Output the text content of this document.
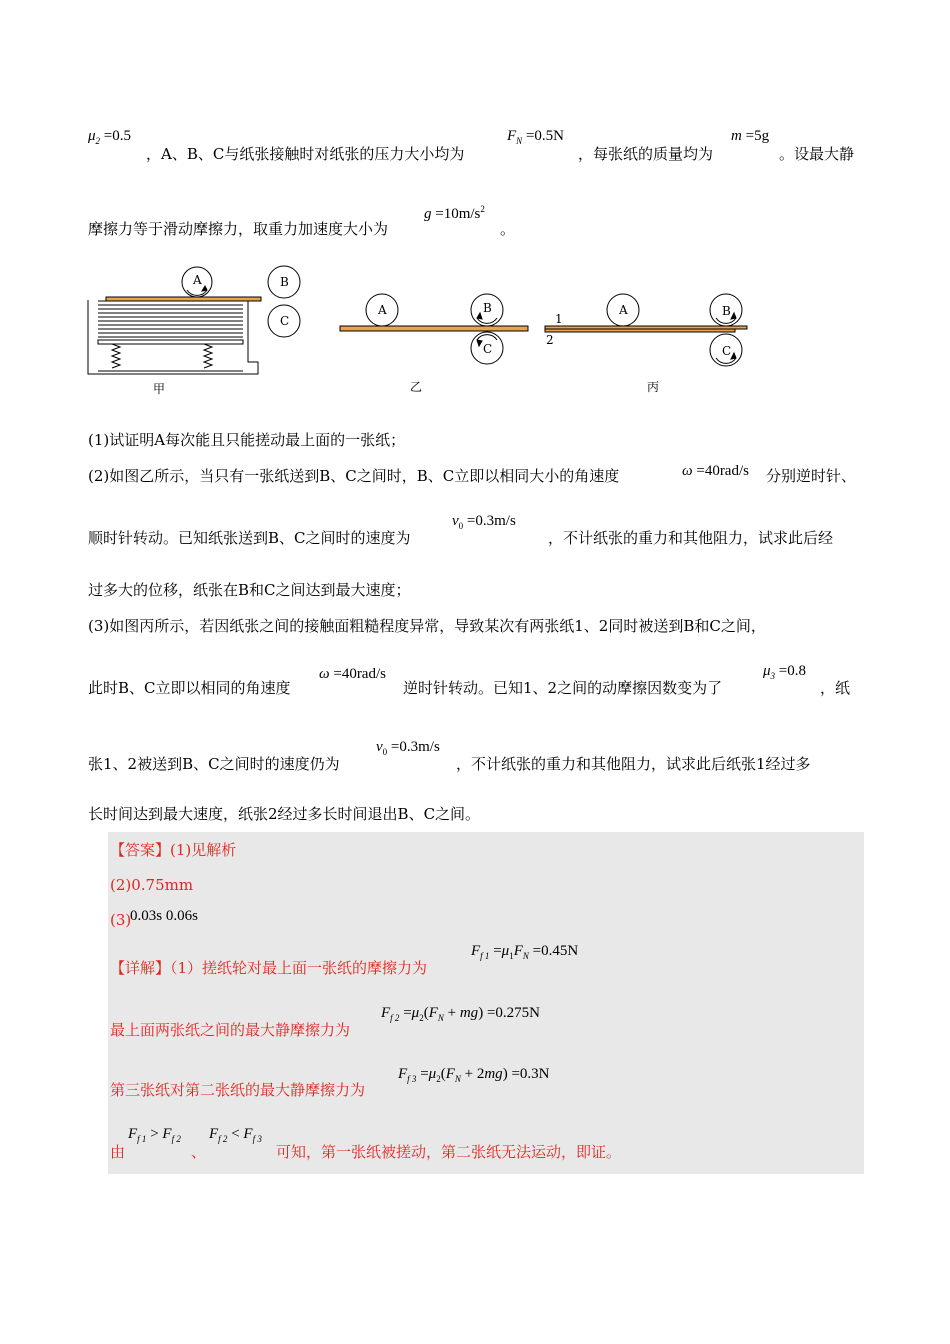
$\mu_2 =0.5$
，A、B、C与纸张接触时对纸张的压力大小均为
$F_N =0.5N$
，每张纸的质量均为
m =5g
。设最大静
摩擦力等于滑动摩擦力，取重力加速度大小为
$g =10m/s^2$
。
A	B
C
甲
A	B
C
乙
A	B
C
1
2
丙
(1)试证明A每次能且只能搓动最上面的一张纸；
(2)如图乙所示，当只有一张纸送到B、C之间时，B、C立即以相同大小的角速度	ω =40rad/s 分别逆时针、
顺时针转动。已知纸张送到B、C之间时的速度为
$v_0 =0.3m/s$
，不计纸张的重力和其他阻力，试求此后经
过多大的位移，纸张在B和C之间达到最大速度；
(3)如图丙所示，若因纸张之间的接触面粗糙程度异常，导致某次有两张纸1、2同时被送到B和C之间，
此时B、C立即以相同的角速度
ω =40rad/s
逆时针转动。已知1、2之间的动摩擦因数变为了
$\mu_3 =0.8$
，纸
张1、2被送到B、C之间时的速度仍为
$v_0 =0.3m/s$
，不计纸张的重力和其他阻力，试求此后纸张1经过多
长时间达到最大速度，纸张2经过多长时间退出B、C之间。
【答案】(1)见解析
(2)0.75mm
(3)
0.03s 0.06s
【详解】（1）搓纸轮对最上面一张纸的摩擦力为
$F_{f 1} =\mu_1F_N =0.45N$
最上面两张纸之间的最大静摩擦力为
$F_{f 2} =\mu_2(F_N + mg) =0.275N$
第三张纸对第二张纸的最大静摩擦力为
$F_{f 3} =\mu_2(F_N + 2mg) =0.3N$
由
$F_{f 1} > F_{f 2}$
、
$F_{f 2} < F_{f 3}$
可知，第一张纸被搓动，第二张纸无法运动，即证。
